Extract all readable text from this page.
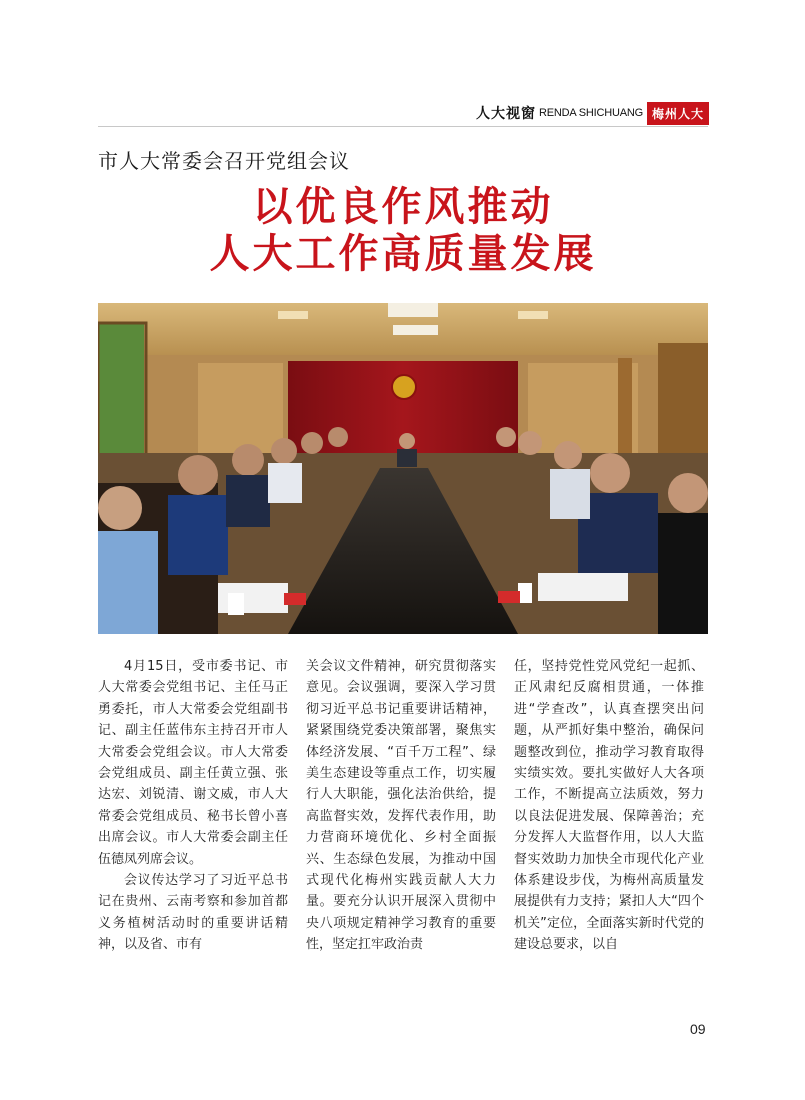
人大视窗 RENDA SHICHUANG 梅州人大
市人大常委会召开党组会议
以优良作风推动
人大工作高质量发展

4月15日，受市委书记、市人大常委会党组书记、主任马正勇委托，市人大常委会党组副书记、副主任蓝伟东主持召开市人大常委会党组会议。市人大常委会党组成员、副主任黄立强、张达宏、刘锐清、谢文威，市人大常委会党组成员、秘书长曾小喜出席会议。市人大常委会副主任伍德凤列席会议。

会议传达学习了习近平总书记在贵州、云南考察和参加首都义务植树活动时的重要讲话精神，以及省、市有

关会议文件精神，研究贯彻落实意见。会议强调，要深入学习贯彻习近平总书记重要讲话精神，紧紧围绕党委决策部署，聚焦实体经济发展、“百千万工程”、绿美生态建设等重点工作，切实履行人大职能，强化法治供给，提高监督实效，发挥代表作用，助力营商环境优化、乡村全面振兴、生态绿色发展，为推动中国式现代化梅州实践贡献人大力量。要充分认识开展深入贯彻中央八项规定精神学习教育的重要性，坚定扛牢政治责

任，坚持党性党风党纪一起抓、正风肃纪反腐相贯通，一体推进“学查改”，认真查摆突出问题，从严抓好集中整治，确保问题整改到位，推动学习教育取得实绩实效。要扎实做好人大各项工作，不断提高立法质效，努力以良法促进发展、保障善治；充分发挥人大监督作用，以人大监督实效助力加快全市现代化产业体系建设步伐，为梅州高质量发展提供有力支持；紧扣人大“四个机关”定位，全面落实新时代党的建设总要求，以自

09
